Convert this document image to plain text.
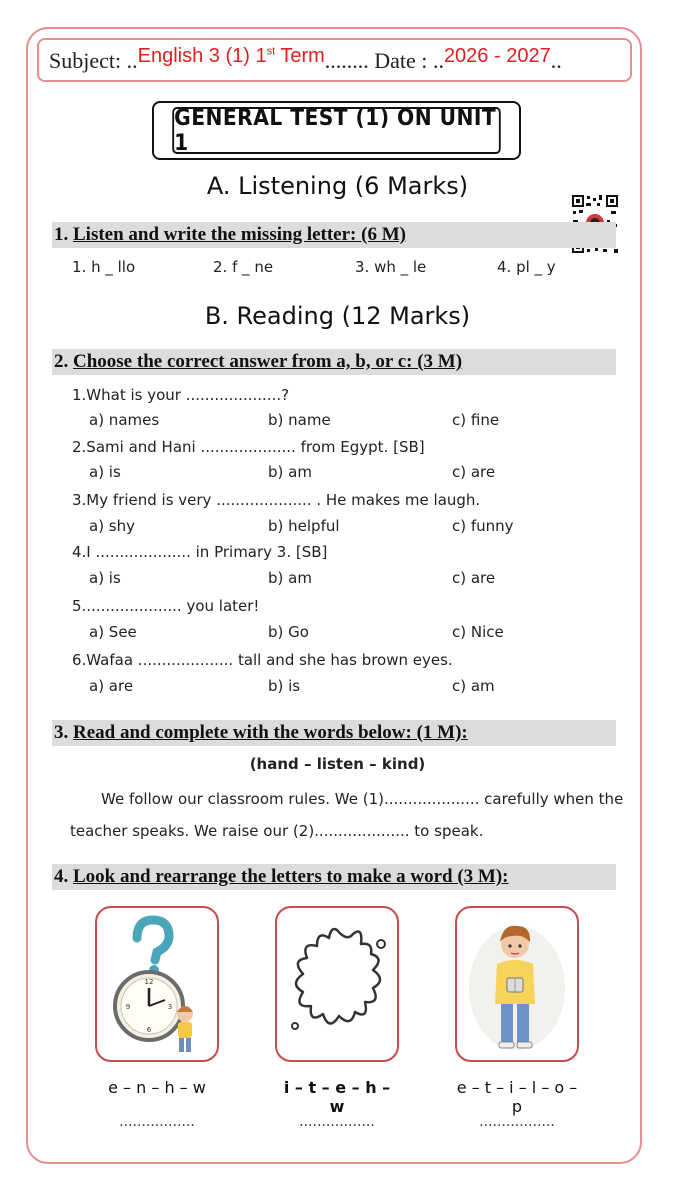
Subject: ..English 3 (1) 1st Term........ Date : ..2026 - 2027..
GENERAL TEST (1) ON UNIT 1
A. Listening (6 Marks)
1. Listen and write the missing letter: (6 M)
1. h _ llo	2. f _ ne	3. wh _ le	4. pl _ y
B. Reading (12 Marks)
2. Choose the correct answer from a, b, or c: (3 M)
1.What is your ....................?
a) names	b) name	c) fine
2.Sami and Hani .................... from Egypt. [SB]
a) is	b) am	c) are
3.My friend is very .................... . He makes me laugh.
a) shy	b) helpful	c) funny
4.I .................... in Primary 3. [SB]
a) is	b) am	c) are
5..................... you later!
a) See	b) Go	c) Nice
6.Wafaa .................... tall and she has brown eyes.
a) are	b) is	c) am
3. Read and complete with the words below: (1 M):
(hand – listen – kind)
We follow our classroom rules. We (1).................... carefully when the
teacher speaks. We raise our (2).................... to speak.
4. Look and rearrange the letters to make a word (3 M):
12
3
6
9
e – n – h – w	i – t – e – h – w
e – t – i – l – o – p
.................	.................	.................
